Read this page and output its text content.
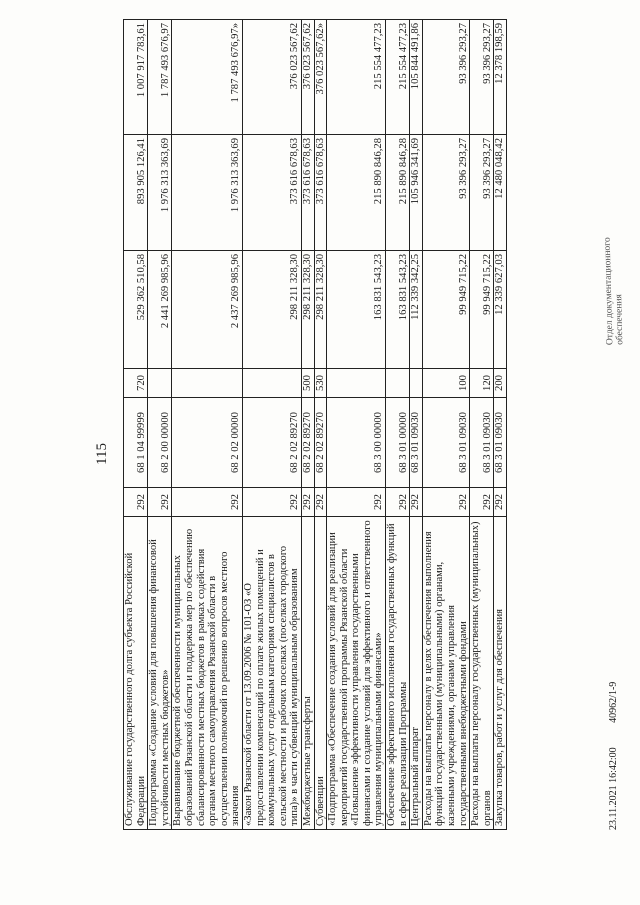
115
Обслуживание государственного долга субъекта Российской Федерации	292	68 1 04 99999	720	529 362 510,58	893 905 126,41	1 007 917 783,61
Подпрограмма «Создание условий для повышения финансовой устойчивости местных бюджетов»	292	68 2 00 00000		2 441 269 985,96	1 976 313 363,69	1 787 493 676,97
Выравнивание бюджетной обеспеченности муниципальных образований Рязанской области и поддержка мер по обеспечению сбалансированности местных бюджетов в рамках содействия органам местного самоуправления Рязанской области в осуществлении полномочий по решению вопросов местного значения	292	68 2 02 00000		2 437 269 985,96	1 976 313 363,69	1 787 493 676,97»
«Закон Рязанской области от 13.09.2006 № 101-ОЗ «О предоставлении компенсаций по оплате жилых помещений и коммунальных услуг отдельным категориям специалистов в сельской местности и рабочих поселках (поселках городского типа)» в части субвенций муниципальным образованиям	292	68 2 02 89270		298 211 328,30	373 616 678,63	376 023 567,62
Межбюджетные трансферты	292	68 2 02 89270	500	298 211 328,30	373 616 678,63	376 023 567,62
Субвенции	292	68 2 02 89270	530	298 211 328,30	373 616 678,63	376 023 567,62»
«Подпрограмма «Обеспечение создания условий для реализации мероприятий государственной программы Рязанской области «Повышение эффективности управления государственными финансами и создание условий для эффективного и ответственного управления муниципальными финансами»	292	68 3 00 00000		163 831 543,23	215 890 846,28	215 554 477,23
Обеспечение эффективного исполнения государственных функций в сфере реализации Программы	292	68 3 01 00000		163 831 543,23	215 890 846,28	215 554 477,23
Центральный аппарат	292	68 3 01 09030		112 339 342,25	105 946 341,69	105 844 491,86
Расходы на выплаты персоналу в целях обеспечения выполнения функций государственными (муниципальными) органами, казенными учреждениями, органами управления государственными внебюджетными фондами	292	68 3 01 09030	100	99 949 715,22	93 396 293,27	93 396 293,27
Расходы на выплаты персоналу государственных (муниципальных) органов	292	68 3 01 09030	120	99 949 715,22	93 396 293,27	93 396 293,27
Закупка товаров, работ и услуг для обеспечения	292	68 3 01 09030	200	12 339 627,03	12 480 048,42	12 378 198,59
23.11.2021 16:42:00 40962/1-9
Отдел документационного
обеспечения
